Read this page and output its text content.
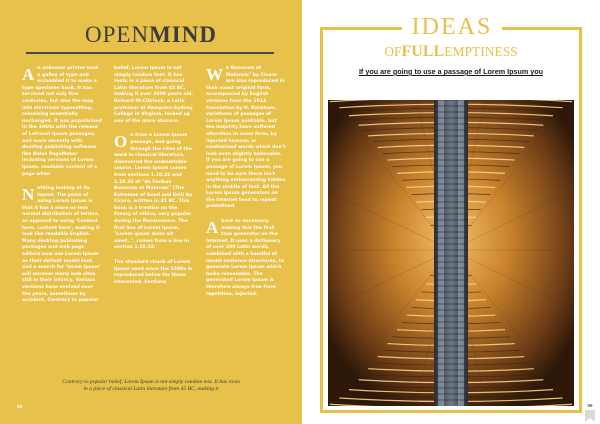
OPENMIND

An unknown printer took a galley of type and scrambled it to make a type specimen book. It has survived not only five centuries, but also the leap into electronic typesetting, remaining essentially unchanged. It was popularised in the 1960s with the release of Letraset Ipsum passages, and more recently with desktop publishing software like Aldus PageMaker including versions of Lorem Ipsum. readable content of a page when

Nothing looking at its layout. The point of using Lorem Ipsum is that it has a more-or-less normal distribution of letters, as opposed to using 'Content here, content here', making it look like readable English. Many desktop publishing packages and web page editors now use Lorem Ipsum as their default model text, and a search for 'lorem ipsum' will uncover many web sites still in their infancy. Various versions have evolved over the years, sometimes by accident, Contrary to popular

belief, Lorem Ipsum is not simply random text. It has roots in a piece of classical Latin literature from 45 BC, making it over 2000 years old. Richard McClintock, a Latin professor at Hampden-Sydney College in Virginia, looked up one of the more obscure.

On from a Lorem Ipsum passage, and going through the cites of the word in classical literature, discovered the undoubtable source. Lorem Ipsum comes from sections 1.10.32 and 1.10.33 of "de Finibus Bonorum et Malorum" (The Extremes of Good and Evil) by Cicero, written in 45 BC. This book is a treatise on the theory of ethics, very popular during the Renaissance. The first line of Lorem Ipsum, "Lorem ipsum dolor sit amet..", comes from a line in section 1.10.32.

The standard chunk of Lorem Ipsum used since the 1500s is reproduced below for those interested. Sections

We Bonorum et Malorum" by Cicero are also reproduced in their exact original form, accompanied by English versions from the 1914 translation by H. Rackham. variations of passages of Lorem Ipsum available, but the majority have suffered alteration in some form, by injected humour, or randomised words which don't look even slightly believable. If you are going to use a passage of Lorem Ipsum, you need to be sure there isn't anything embarrassing hidden in the middle of text. All the Lorem Ipsum generators on the Internet tend to repeat predefined.

About as necessary, making this the first true generator on the Internet. It uses a dictionary of over 200 Latin words, combined with a handful of model sentence structures, to generate Lorem Ipsum which looks reasonable. The generated Lorem Ipsum is therefore always free from repetition, injected.

Contrary to popular belief, Lorem Ipsum is not simply random text. It has roots in a piece of classical Latin literature from 45 BC, making it
08
IDEAS
OFFULLEMPTINESS
If you are going to use a passage of Lorem Ipsum you
09
